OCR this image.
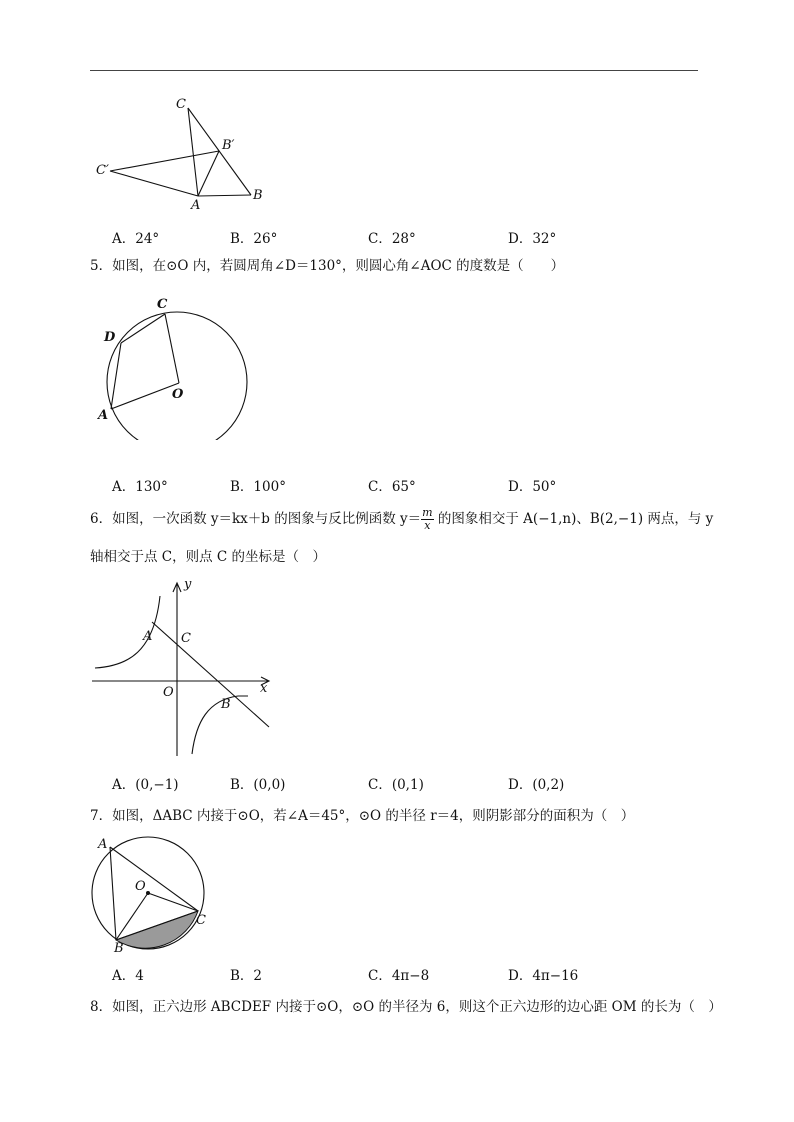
C
B′
C′
A
B
A．24°	B．26°	C．28°	D．32°
5．如图，在⊙O 内，若圆周角∠D＝130°，则圆心角∠AOC 的度数是（　　）
C
D
O
A
A．130°	B．100°	C．65°	D．50°
6．如图，一次函数 y＝kx＋b 的图象与反比例函数 $y= \frac{m}{x}$ 的图象相交于 A(−1,n)、B(2,−1) 两点，与 y
轴相交于点 C，则点 C 的坐标是（　）
y
x
A C
O
B
A．(0,−1)	B．(0,0)	C．(0,1)	D．(0,2)
7．如图，ΔABC 内接于⊙O，若∠A＝45°，⊙O 的半径 r＝4，则阴影部分的面积为（　）
A
O
C
B
A．4	B．2	C．4π−8	D．4π−16
8．如图，正六边形 ABCDEF 内接于⊙O，⊙O 的半径为 6，则这个正六边形的边心距 OM 的长为（　）
